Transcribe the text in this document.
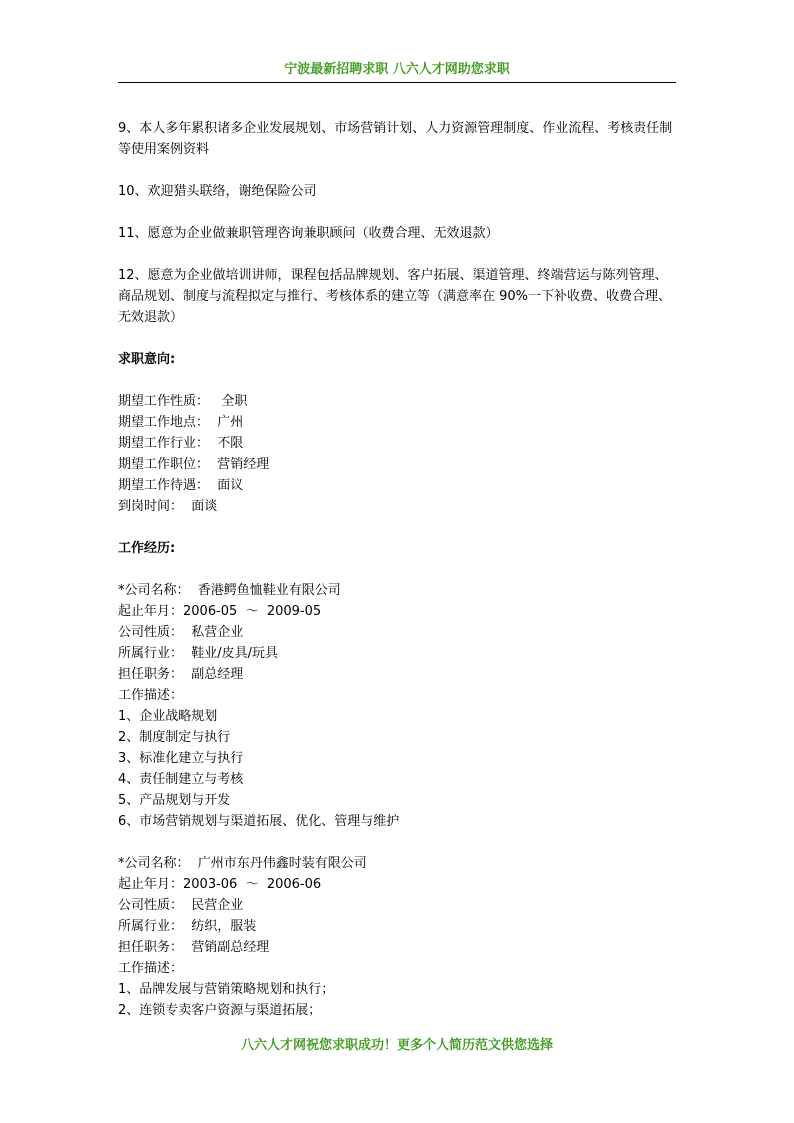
宁波最新招聘求职 八六人才网助您求职

9、本人多年累积诸多企业发展规划、市场营销计划、人力资源管理制度、作业流程、考核责任制等使用案例资料

10、欢迎猎头联络，谢绝保险公司

11、愿意为企业做兼职管理咨询兼职顾问（收费合理、无效退款）

12、愿意为企业做培训讲师，课程包括品牌规划、客户拓展、渠道管理、终端营运与陈列管理、商品规划、制度与流程拟定与推行、考核体系的建立等（满意率在 90%一下补收费、收费合理、无效退款）

求职意向:

期望工作性质：   全职

期望工作地点：  广州

期望工作行业：  不限

期望工作职位：  营销经理

期望工作待遇：  面议

到岗时间：  面谈

工作经历:

*公司名称：  香港鳄鱼恤鞋业有限公司

起止年月：2006-05  ～  2009-05

公司性质：  私营企业

所属行业：  鞋业/皮具/玩具

担任职务：  副总经理

工作描述：

1、企业战略规划

2、制度制定与执行

3、标准化建立与执行

4、责任制建立与考核

5、产品规划与开发

6、市场营销规划与渠道拓展、优化、管理与维护

*公司名称：  广州市东丹伟鑫时装有限公司

起止年月：2003-06  ～  2006-06

公司性质：  民营企业

所属行业：  纺织，服装

担任职务：  营销副总经理

工作描述：

1、品牌发展与营销策略规划和执行；

2、连锁专卖客户资源与渠道拓展；

八六人才网祝您求职成功！更多个人简历范文供您选择
